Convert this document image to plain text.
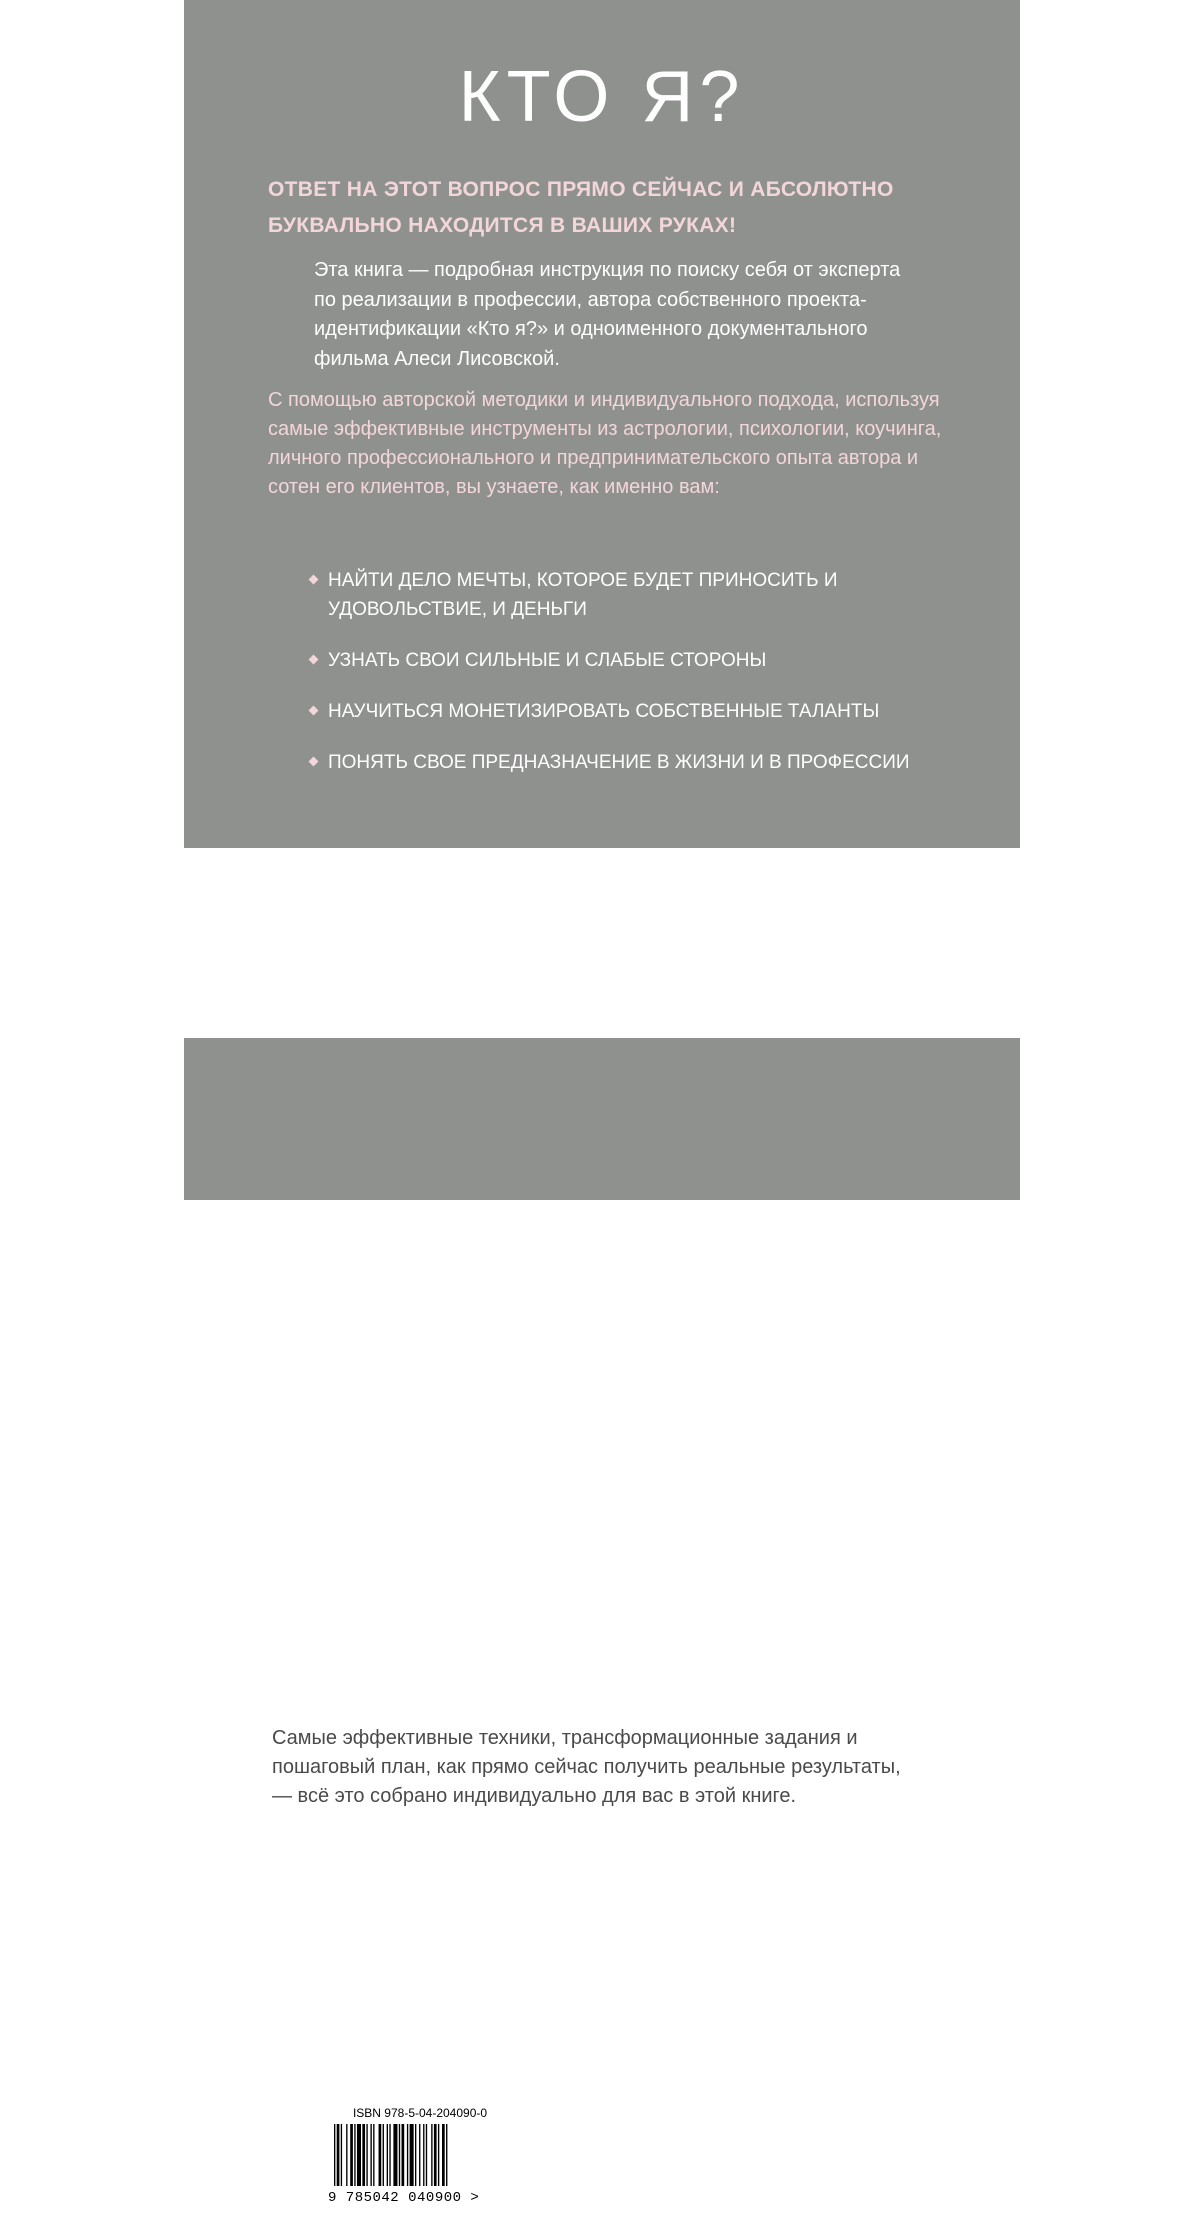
КТО Я?
ОТВЕТ НА ЭТОТ ВОПРОС ПРЯМО СЕЙЧАС И АБСОЛЮТНО БУКВАЛЬНО НАХОДИТСЯ В ВАШИХ РУКАХ!
Эта книга — подробная инструкция по поиску себя от эксперта по реализации в профессии, автора собственного проекта-идентификации «Кто я?» и одноименного документального фильма Алеси Лисовской.
С помощью авторской методики и индивидуального подхода, используя самые эффективные инструменты из астрологии, психологии, коучинга, личного профессионального и предпринимательского опыта автора и сотен его клиентов, вы узнаете, как именно вам:
НАЙТИ ДЕЛО МЕЧТЫ, КОТОРОЕ БУДЕТ ПРИНОСИТЬ И УДОВОЛЬСТВИЕ, И ДЕНЬГИ
УЗНАТЬ СВОИ СИЛЬНЫЕ И СЛАБЫЕ СТОРОНЫ
НАУЧИТЬСЯ МОНЕТИЗИРОВАТЬ СОБСТВЕННЫЕ ТАЛАНТЫ
ПОНЯТЬ СВОЕ ПРЕДНАЗНАЧЕНИЕ В ЖИЗНИ И В ПРОФЕССИИ
Самые эффективные техники, трансформационные задания и пошаговый план, как прямо сейчас получить реальные результаты, — всё это собрано индивидуально для вас в этой книге.
ISBN 978-5-04-204090-0
9 785042 040900 >
БОМБОРА
ИЗДАТЕЛЬСТВО
БОМБОРА — лидер на рынке полезных и вдохновляющих книг. Мы любим книги и создаем их, чтобы вы могли творить, открывать мир, пробовать новое, расти. Быть счастливыми. Быть на волне.
